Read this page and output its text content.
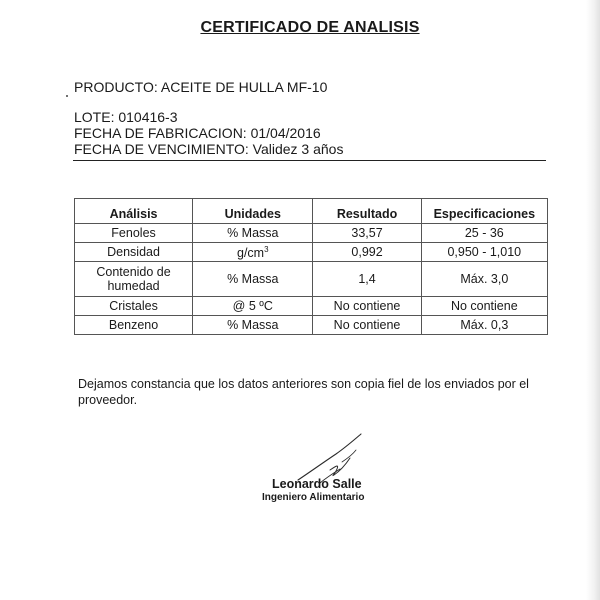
CERTIFICADO DE ANALISIS

PRODUCTO: ACEITE DE HULLA MF-10

LOTE: 010416-3

FECHA DE FABRICACION: 01/04/2016

FECHA DE VENCIMIENTO: Validez 3 años

Análisis	Unidades	Resultado	Especificaciones
Fenoles	% Massa	33,57	25 - 36
Densidad	$g/cm^3$	0,992	0,950 - 1,010
Contenido de
humedad	% Massa	1,4	Máx. 3,0
Cristales	@ 5 ºC	No contiene	No contiene
Benzeno	% Massa	No contiene	Máx. 0,3

Dejamos constancia que los datos anteriores son copia fiel de los enviados por el proveedor.

Leonardo Salle

Ingeniero Alimentario
